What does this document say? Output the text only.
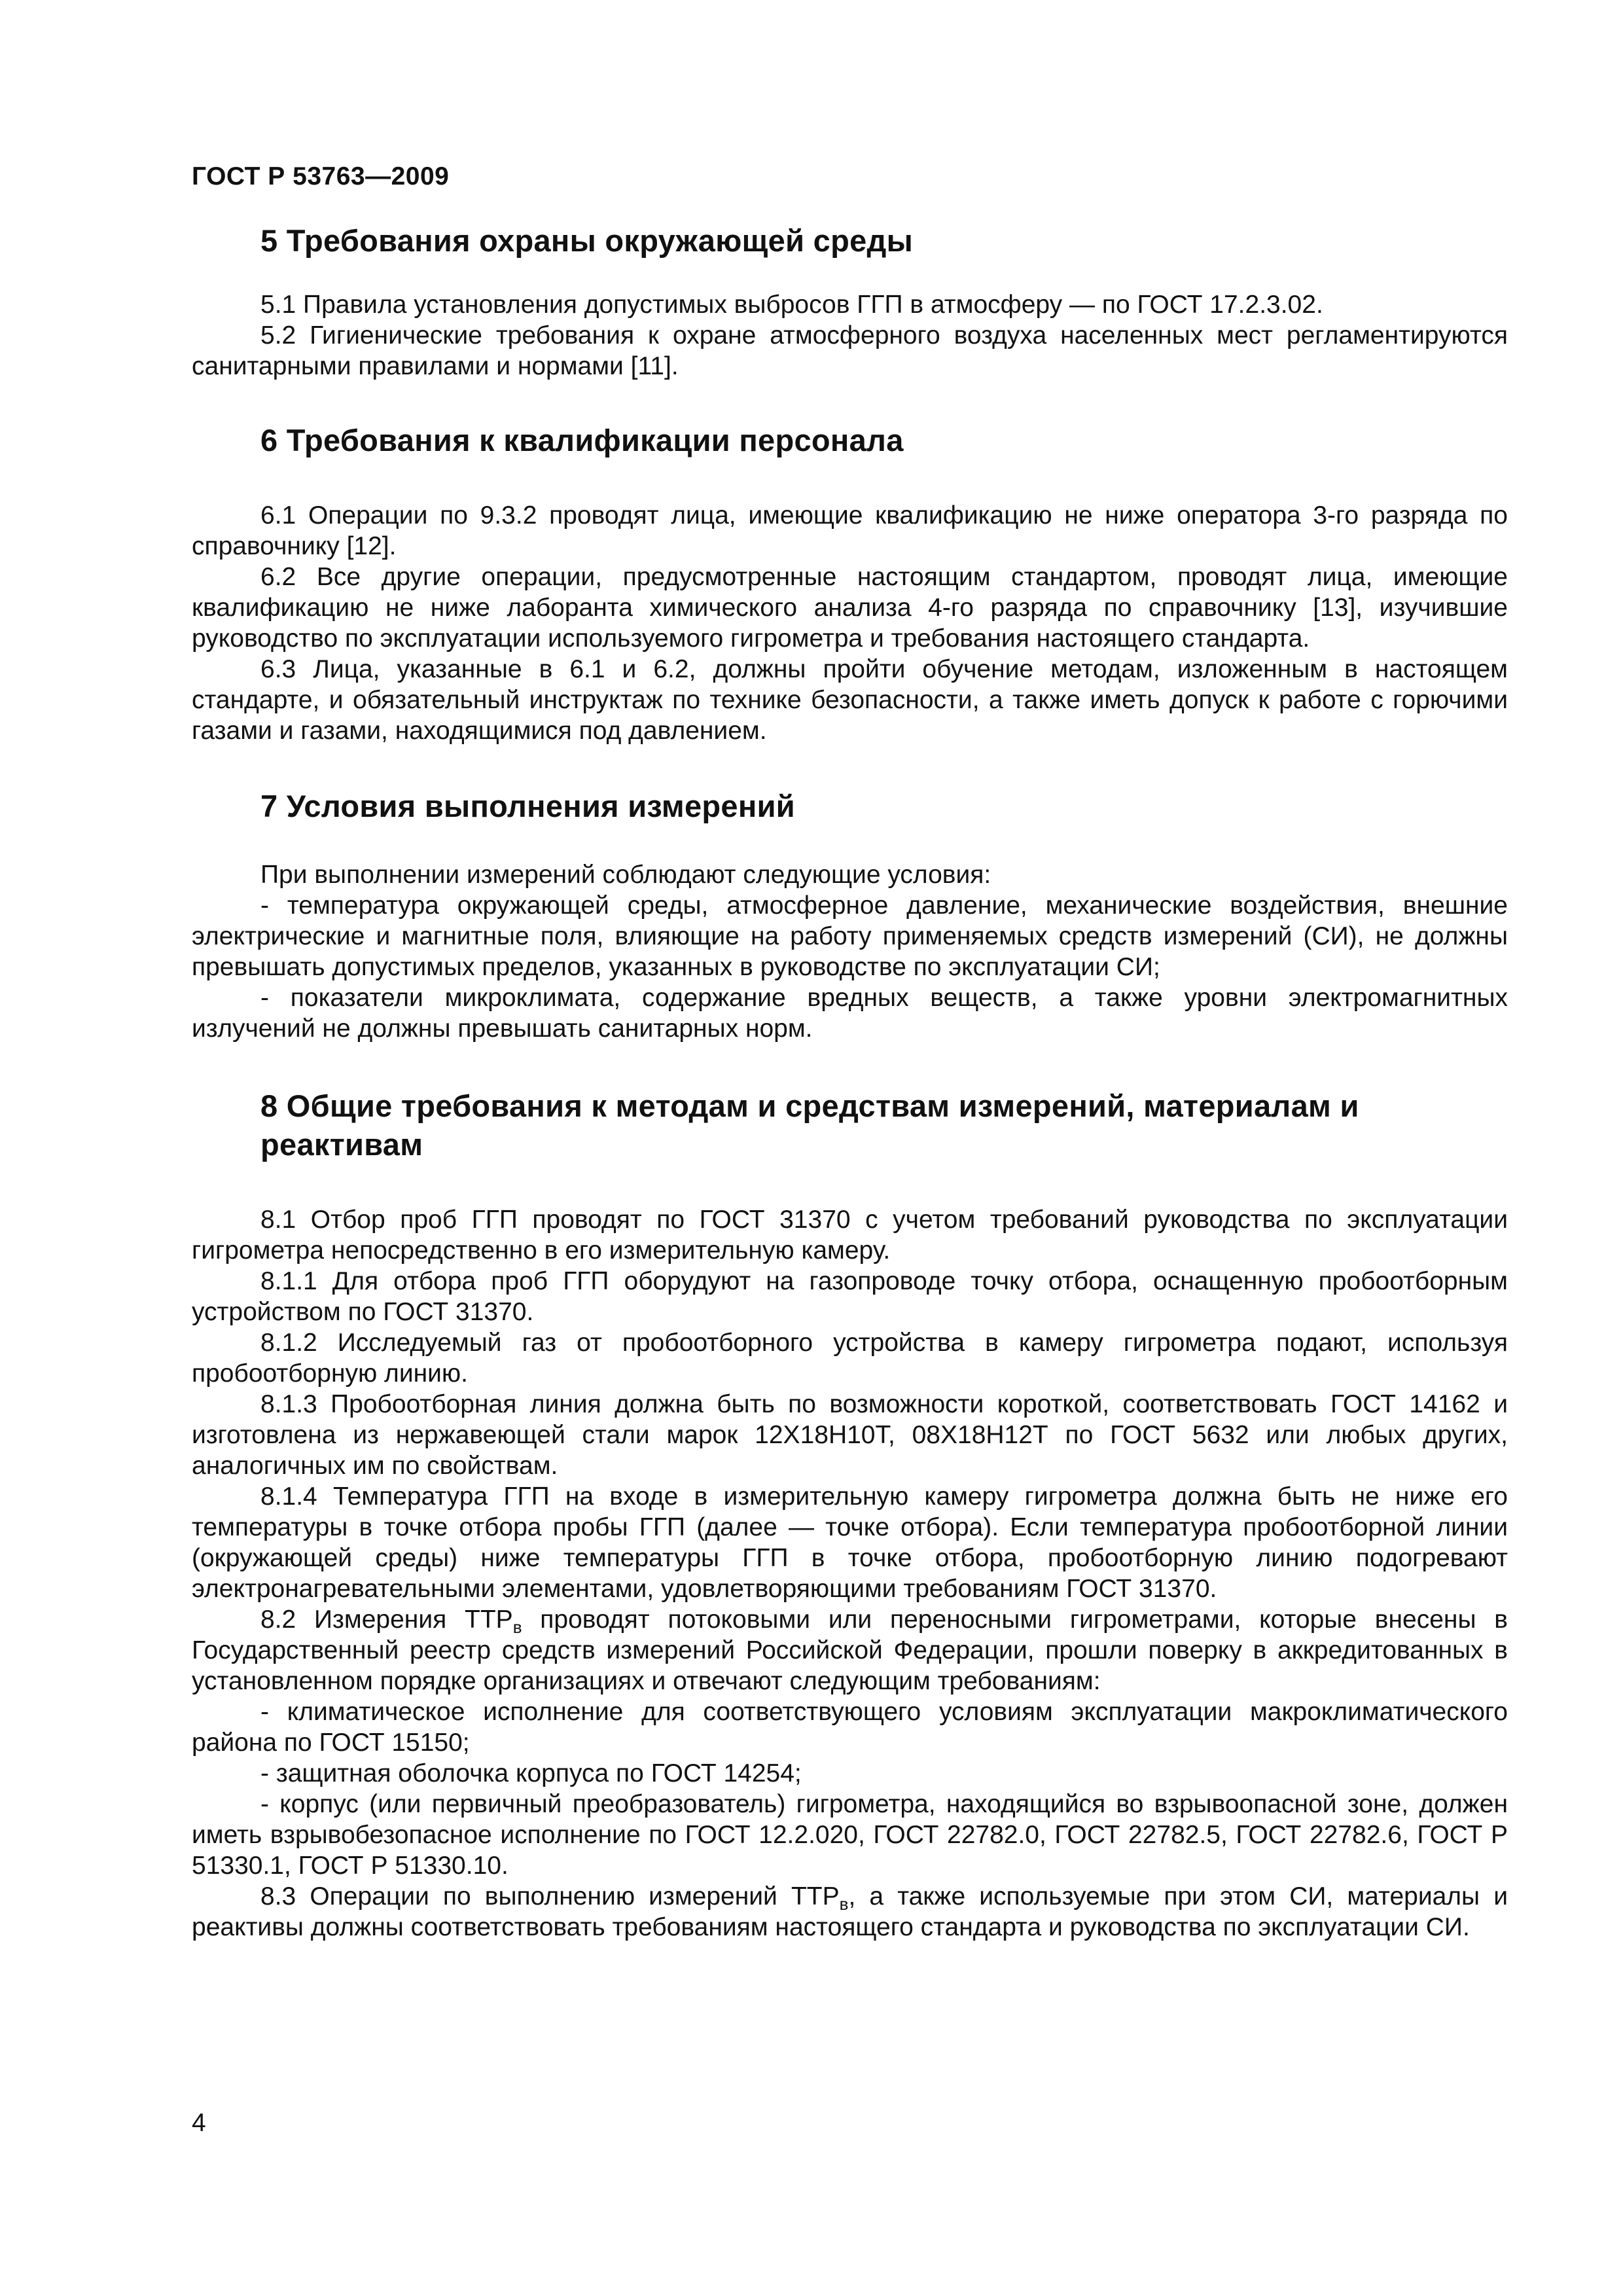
ГОСТ Р 53763—2009
5 Требования охраны окружающей среды

5.1 Правила установления допустимых выбросов ГГП в атмосферу — по ГОСТ 17.2.3.02.

5.2 Гигиенические требования к охране атмосферного воздуха населенных мест регламентируются санитарными правилами и нормами [11].

6 Требования к квалификации персонала

6.1 Операции по 9.3.2 проводят лица, имеющие квалификацию не ниже оператора 3-го разряда по справочнику [12].

6.2 Все другие операции, предусмотренные настоящим стандартом, проводят лица, имеющие квалификацию не ниже лаборанта химического анализа 4-го разряда по справочнику [13], изучившие руководство по эксплуатации используемого гигрометра и требования настоящего стандарта.

6.3 Лица, указанные в 6.1 и 6.2, должны пройти обучение методам, изложенным в настоящем стандарте, и обязательный инструктаж по технике безопасности, а также иметь допуск к работе с горючими газами и газами, находящимися под давлением.

7 Условия выполнения измерений

При выполнении измерений соблюдают следующие условия:

- температура окружающей среды, атмосферное давление, механические воздействия, внешние электрические и магнитные поля, влияющие на работу применяемых средств измерений (СИ), не должны превышать допустимых пределов, указанных в руководстве по эксплуатации СИ;

- показатели микроклимата, содержание вредных веществ, а также уровни электромагнитных излучений не должны превышать санитарных норм.

8 Общие требования к методам и средствам измерений, материалам и реактивам

8.1 Отбор проб ГГП проводят по ГОСТ 31370 с учетом требований руководства по эксплуатации гигрометра непосредственно в его измерительную камеру.

8.1.1 Для отбора проб ГГП оборудуют на газопроводе точку отбора, оснащенную пробоотборным устройством по ГОСТ 31370.

8.1.2 Исследуемый газ от пробоотборного устройства в камеру гигрометра подают, используя пробоотборную линию.

8.1.3 Пробоотборная линия должна быть по возможности короткой, соответствовать ГОСТ 14162 и изготовлена из нержавеющей стали марок 12Х18Н10Т, 08Х18Н12Т по ГОСТ 5632 или любых других, аналогичных им по свойствам.

8.1.4 Температура ГГП на входе в измерительную камеру гигрометра должна быть не ниже его температуры в точке отбора пробы ГГП (далее — точке отбора). Если температура пробоотборной линии (окружающей среды) ниже температуры ГГП в точке отбора, пробоотборную линию подогревают электронагревательными элементами, удовлетворяющими требованиям ГОСТ 31370.

8.2 Измерения $ТТР_в$ проводят потоковыми или переносными гигрометрами, которые внесены в Государственный реестр средств измерений Российской Федерации, прошли поверку в аккредитованных в установленном порядке организациях и отвечают следующим требованиям:

- климатическое исполнение для соответствующего условиям эксплуатации макроклиматического района по ГОСТ 15150;

- защитная оболочка корпуса по ГОСТ 14254;

- корпус (или первичный преобразователь) гигрометра, находящийся во взрывоопасной зоне, должен иметь взрывобезопасное исполнение по ГОСТ 12.2.020, ГОСТ 22782.0, ГОСТ 22782.5, ГОСТ 22782.6, ГОСТ Р 51330.1, ГОСТ Р 51330.10.

8.3 Операции по выполнению измерений $ТТР_в$, а также используемые при этом СИ, материалы и реактивы должны соответствовать требованиям настоящего стандарта и руководства по эксплуатации СИ.

4
